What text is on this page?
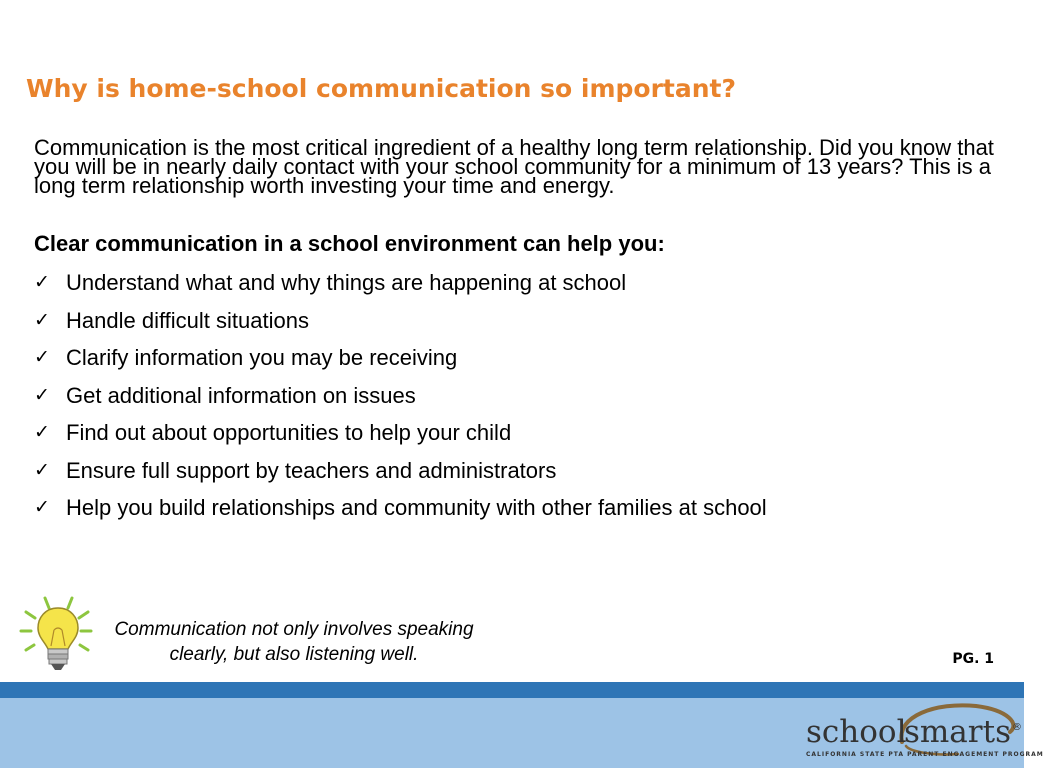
Why is home-school communication so important?

Communication is the most critical ingredient of a healthy long term relationship. Did you know that you will be in nearly daily contact with your school community for a minimum of 13 years? This is a long term relationship worth investing your time and energy.

Clear communication in a school environment can help you:
✓ Understand what and why things are happening at school
✓ Handle difficult situations
✓ Clarify information you may be receiving
✓ Get additional information on issues
✓ Find out about opportunities to help your child
✓ Ensure full support by teachers and administrators
✓ Help you build relationships and community with other families at school
Communication not only involves speaking
clearly, but also listening well.	PG. 1
school
smarts ®
CALIFORNIA STATE PTA PARENT ENGAGEMENT PROGRAM
